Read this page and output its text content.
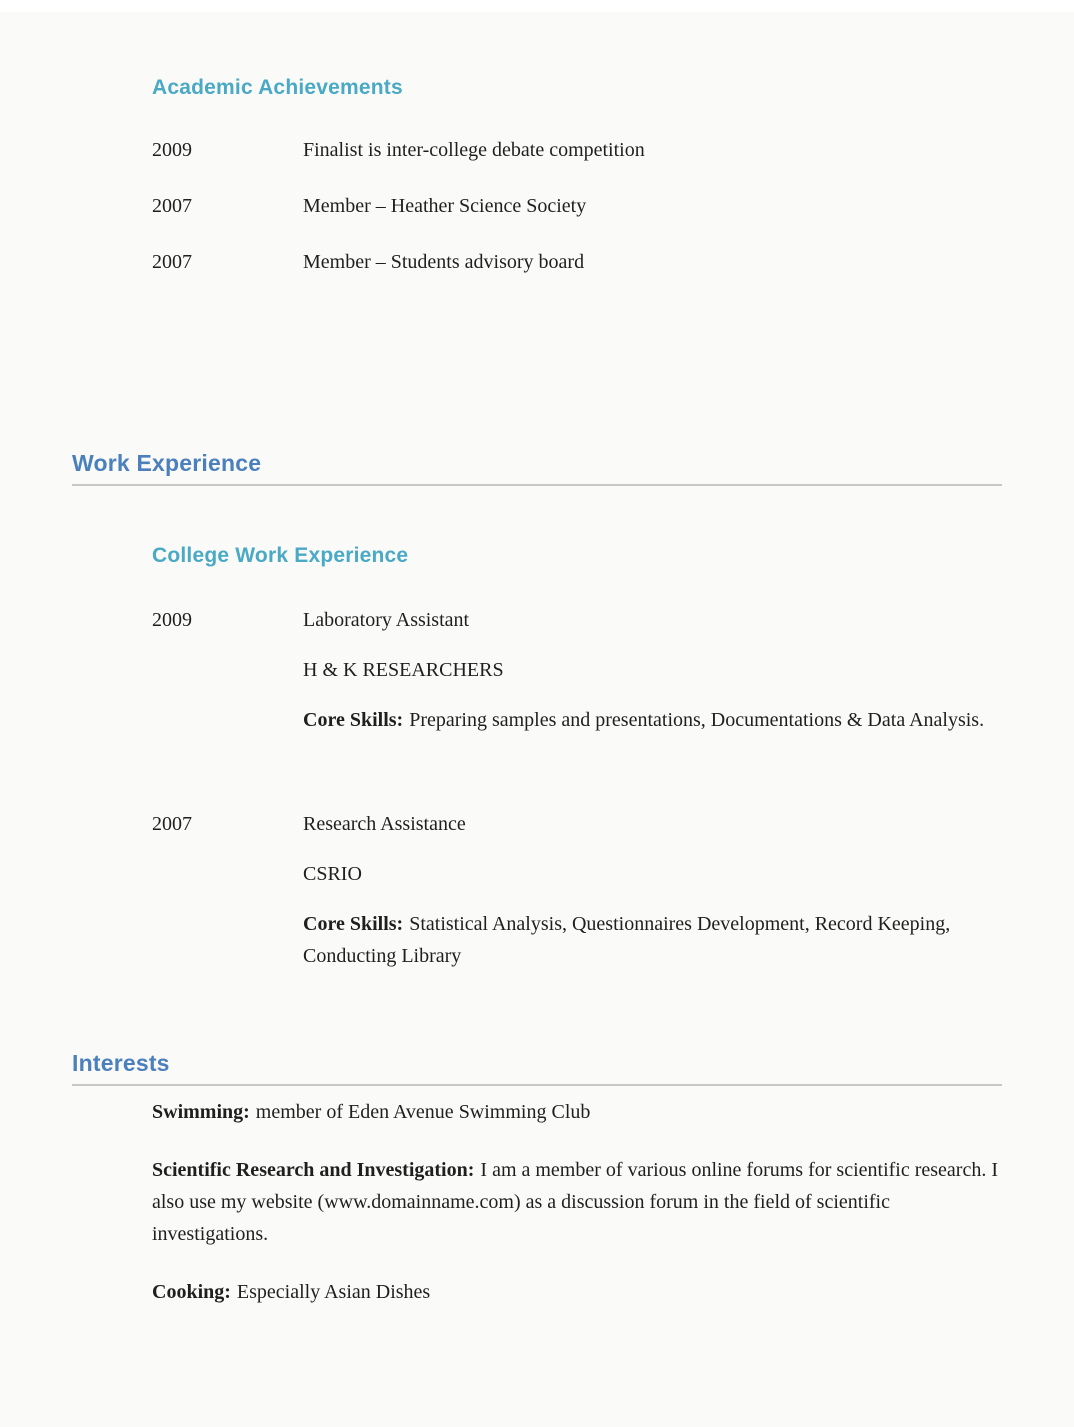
Academic Achievements
2009	Finalist is inter-college debate competition
2007	Member – Heather Science Society
2007	Member – Students advisory board
Work Experience
College Work Experience
2009	Laboratory Assistant

H & K RESEARCHERS

Core Skills: Preparing samples and presentations, Documentations & Data Analysis.

2007	Research Assistance

CSRIO

Core Skills: Statistical Analysis, Questionnaires Development, Record Keeping, Conducting Library

Interests

Swimming: member of Eden Avenue Swimming Club

Scientific Research and Investigation: I am a member of various online forums for scientific research. I also use my website (www.domainname.com) as a discussion forum in the field of scientific investigations.

Cooking: Especially Asian Dishes
